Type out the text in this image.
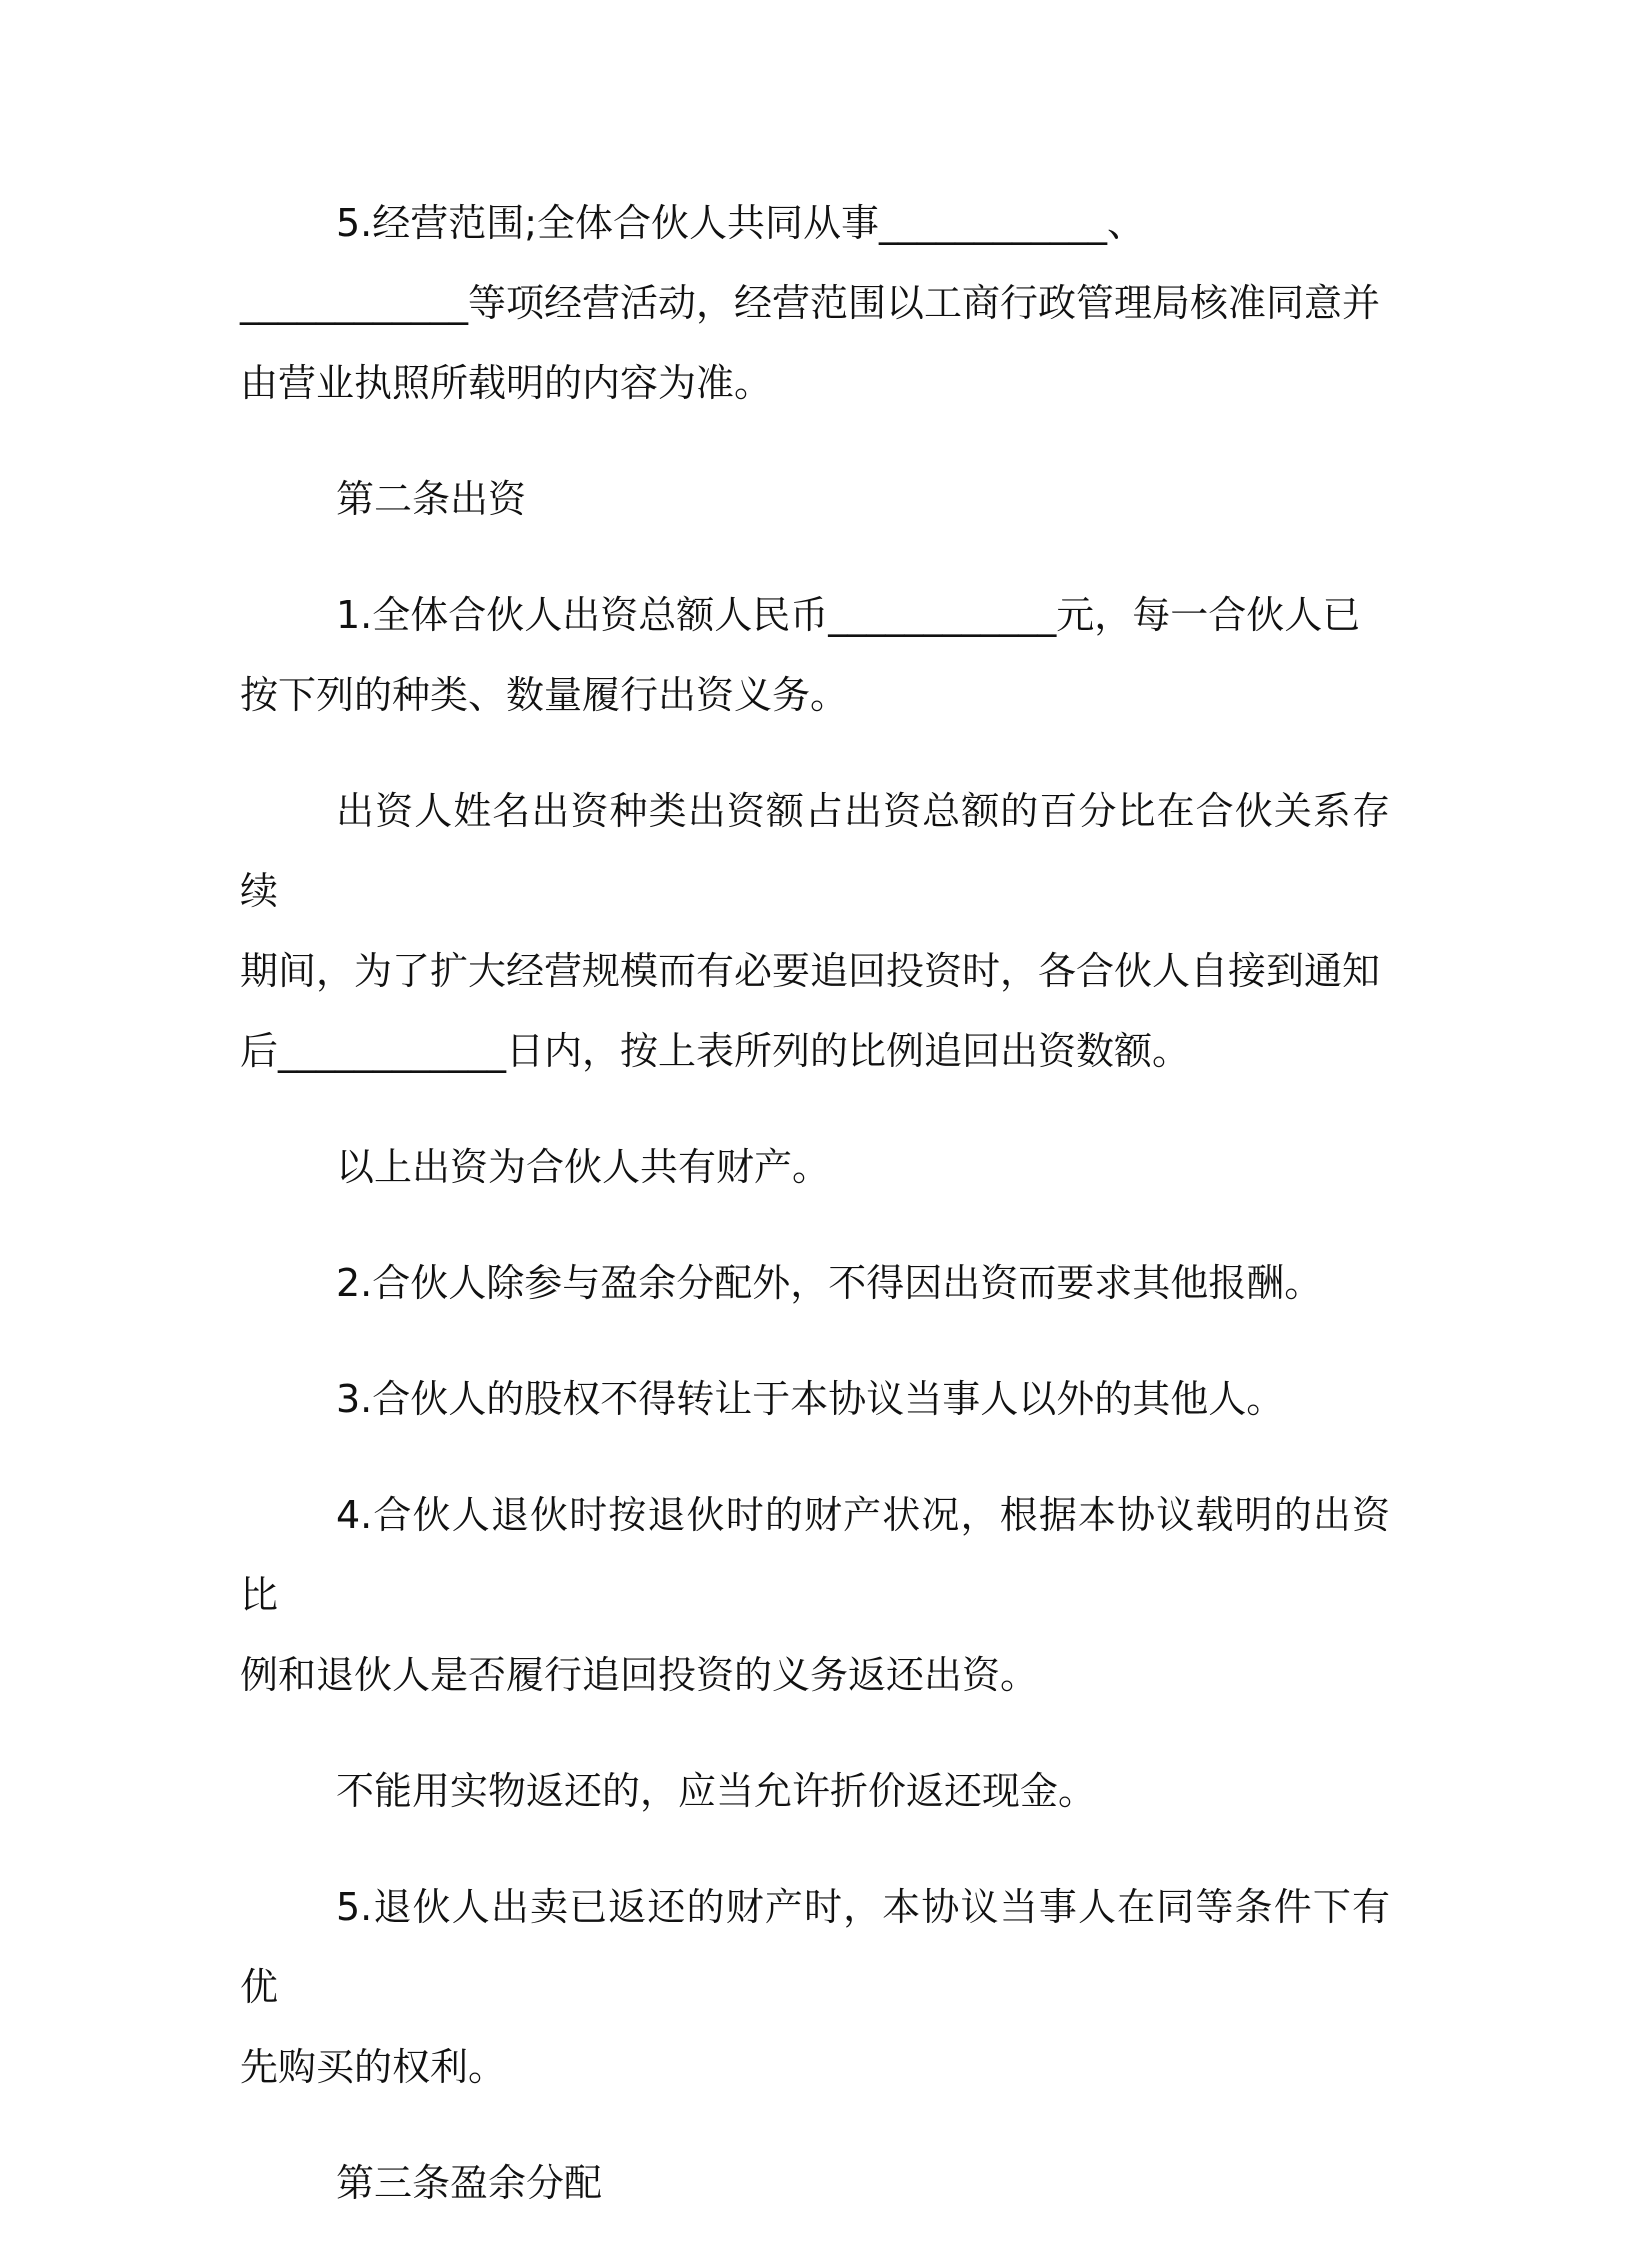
5.经营范围;全体合伙人共同从事____________、
____________等项经营活动，经营范围以工商行政管理局核准同意并
由营业执照所载明的内容为准。
第二条出资
1.全体合伙人出资总额人民币____________元，每一合伙人已
按下列的种类、数量履行出资义务。
出资人姓名出资种类出资额占出资总额的百分比在合伙关系存续
期间，为了扩大经营规模而有必要追回投资时，各合伙人自接到通知
后____________日内，按上表所列的比例追回出资数额。
以上出资为合伙人共有财产。
2.合伙人除参与盈余分配外，不得因出资而要求其他报酬。
3.合伙人的股权不得转让于本协议当事人以外的其他人。
4.合伙人退伙时按退伙时的财产状况，根据本协议载明的出资比
例和退伙人是否履行追回投资的义务返还出资。
不能用实物返还的，应当允许折价返还现金。
5.退伙人出卖已返还的财产时，本协议当事人在同等条件下有优
先购买的权利。
第三条盈余分配
